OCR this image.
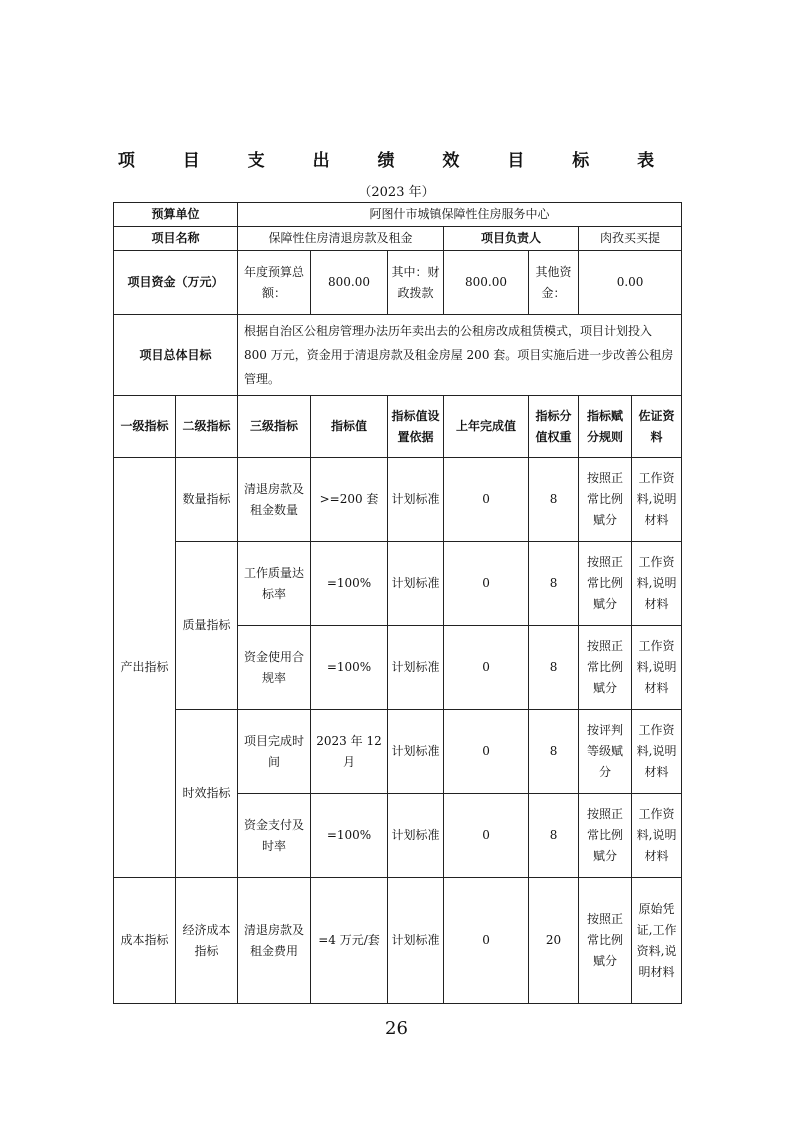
项 目 支 出 绩 效 目 标 表
（2023 年）
预算单位		阿图什市城镇保障性住房服务中心						
项目名称		保障性住房清退房款及租金			项目负责人		肉孜买买提	
项目资金（万元）		年度预算总额：	800.00	其中：财政拨款	800.00	其他资金：	0.00	
项目总体目标		根据自治区公租房管理办法历年卖出去的公租房改成租赁模式，项目计划投入 800 万元，资金用于清退房款及租金房屋 200 套。项目实施后进一步改善公租房管理。						
一级指标	二级指标	三级指标	指标值	指标值设置依据	上年完成值	指标分值权重	指标赋分规则	佐证资料
产出指标	数量指标	清退房款及租金数量	>=200 套	计划标准	0	8	按照正常比例赋分	工作资料,说明材料
	质量指标	工作质量达标率	=100%	计划标准	0	8	按照正常比例赋分	工作资料,说明材料
		资金使用合规率	=100%	计划标准	0	8	按照正常比例赋分	工作资料,说明材料
	时效指标	项目完成时间	2023 年 12 月	计划标准	0	8	按评判等级赋分	工作资料,说明材料
		资金支付及时率	=100%	计划标准	0	8	按照正常比例赋分	工作资料,说明材料
成本指标	经济成本指标	清退房款及租金费用	=4 万元/套	计划标准	0	20	按照正常比例赋分	原始凭证,工作资料,说明材料
26
